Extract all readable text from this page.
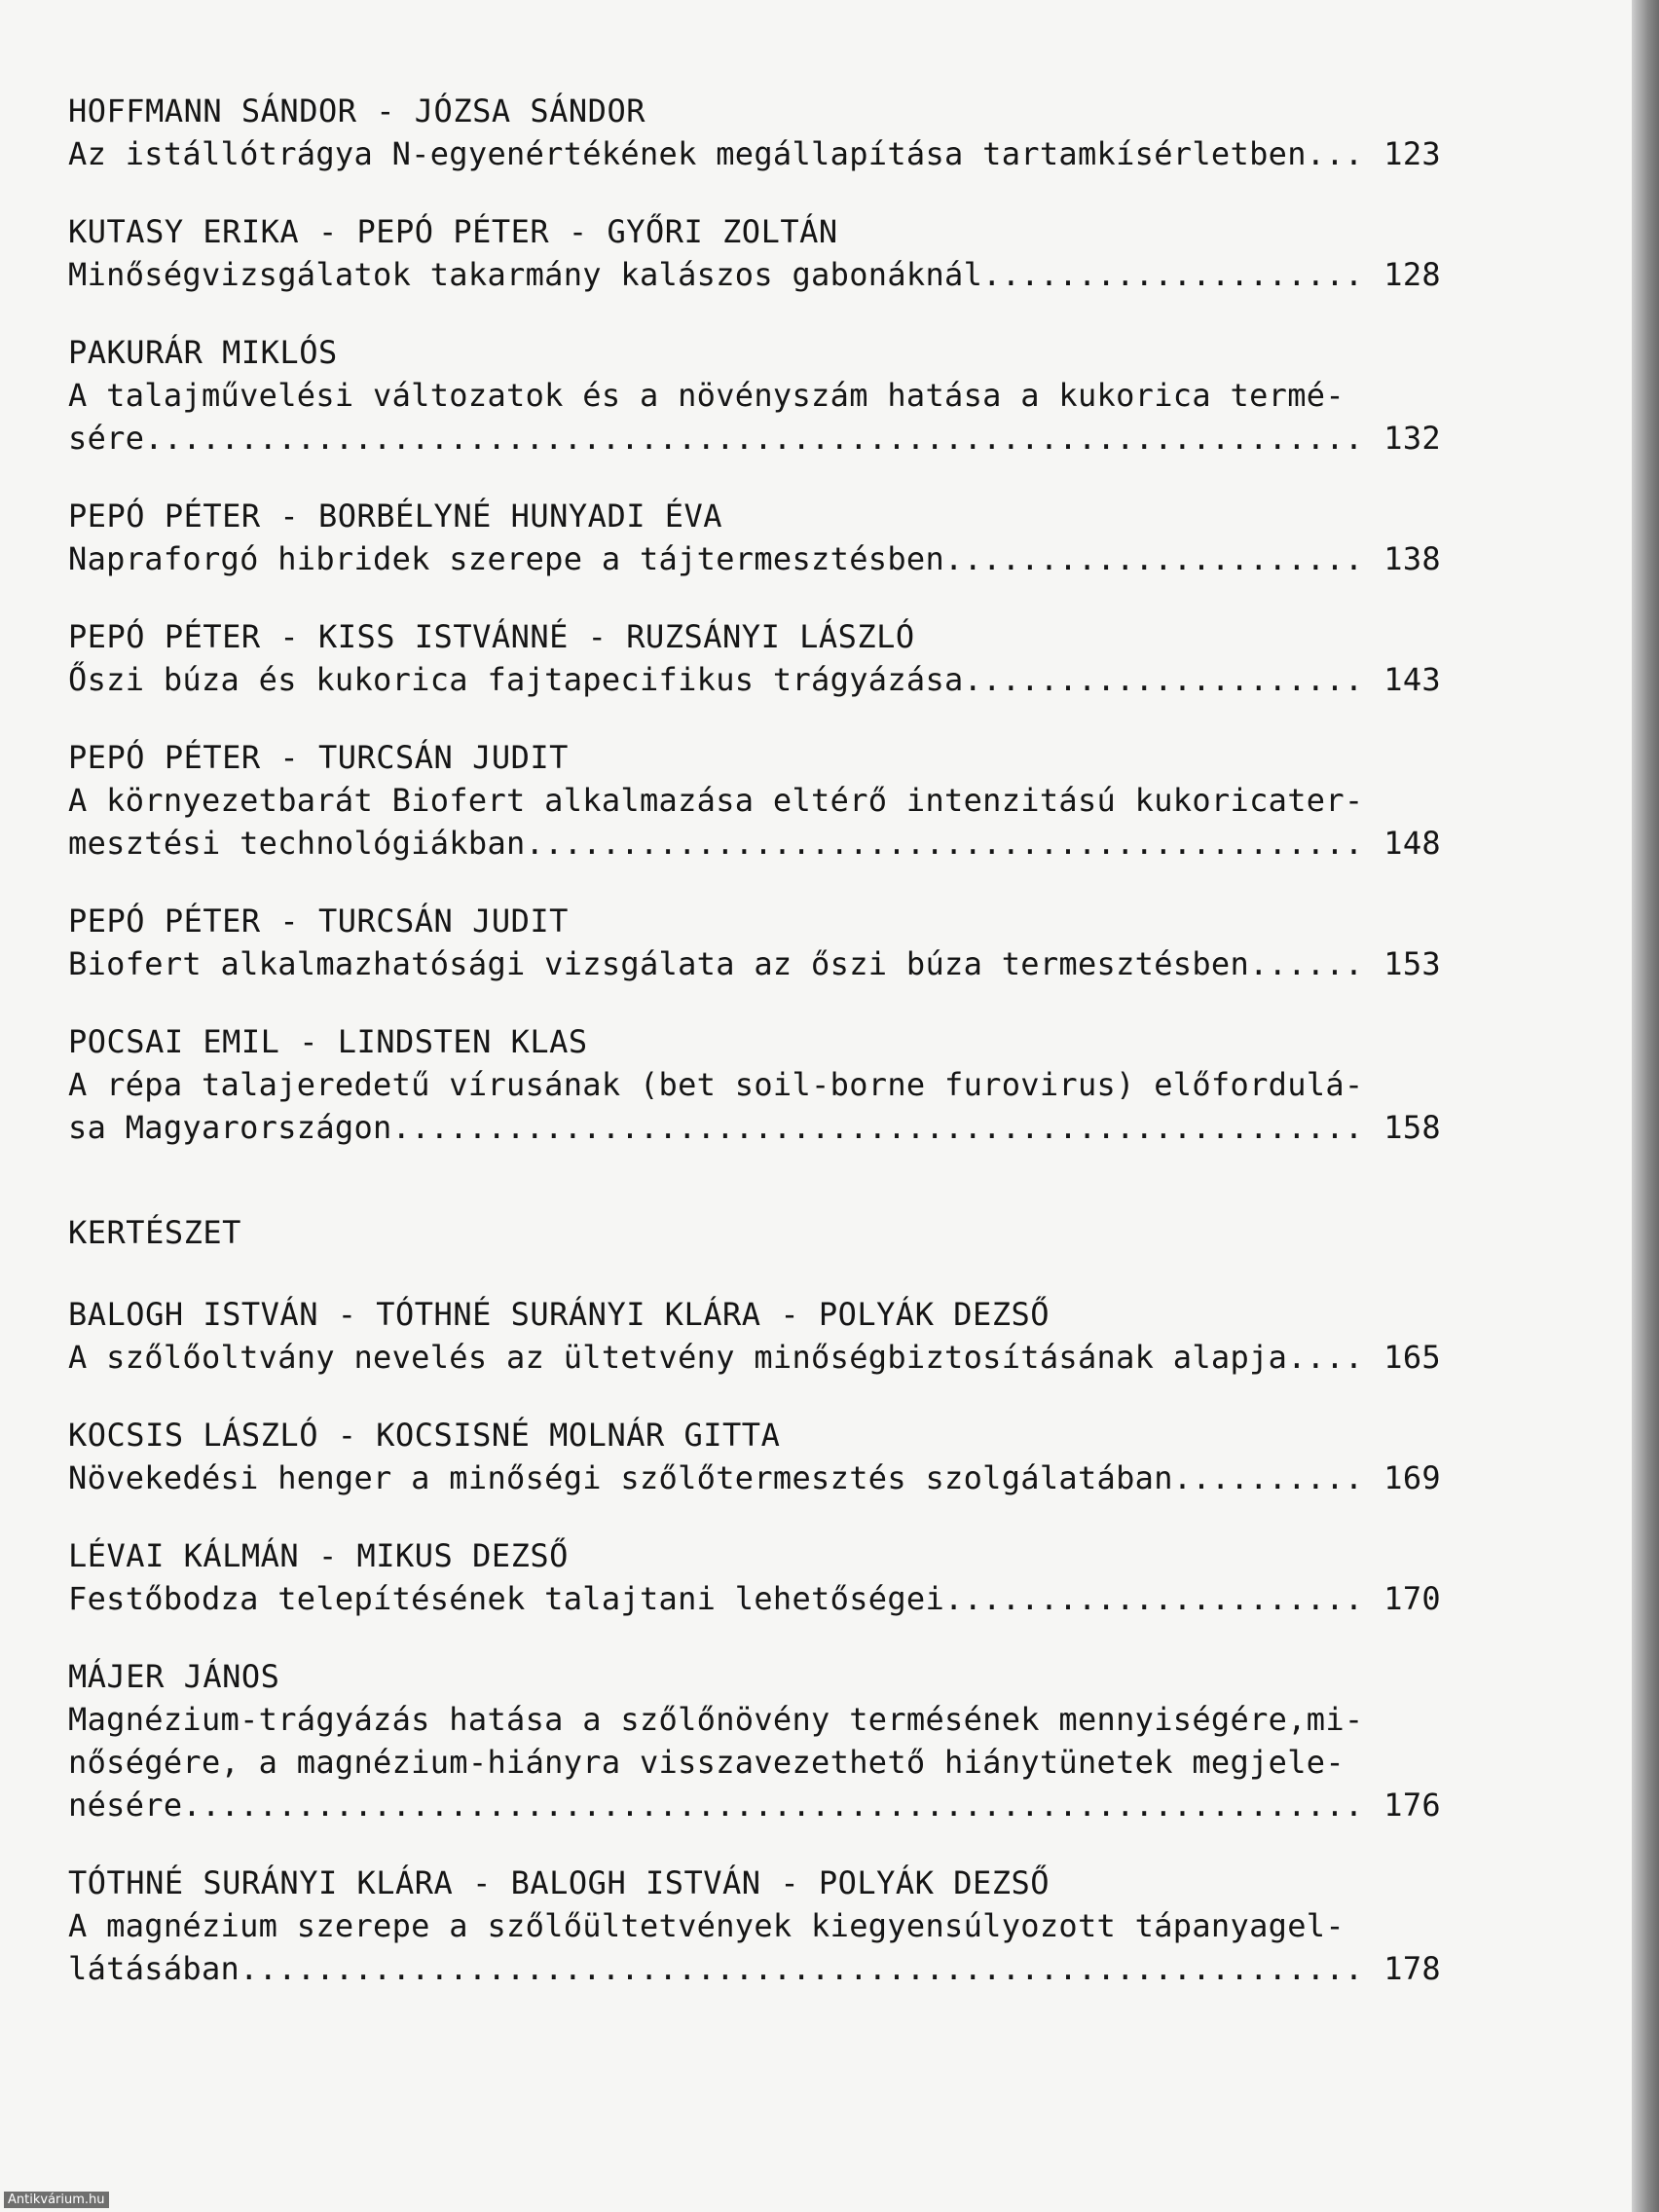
HOFFMANN SÁNDOR - JÓZSA SÁNDOR
Az istállótrágya N-egyenértékének megállapítása tartamkísérletben .....	123
KUTASY ERIKA - PEPÓ PÉTER - GYŐRI ZOLTÁN
Minőségvizsgálatok takarmány kalászos gabonáknál .....	128
PAKURÁR MIKLÓS
A talajművelési változatok és a növényszám hatása a kukorica termé-
sére .....	132
PEPÓ PÉTER - BORBÉLYNÉ HUNYADI ÉVA
Napraforgó hibridek szerepe a tájtermesztésben .....	138
PEPÓ PÉTER - KISS ISTVÁNNÉ - RUZSÁNYI LÁSZLÓ
Őszi búza és kukorica fajtapecifikus trágyázása .....	143
PEPÓ PÉTER - TURCSÁN JUDIT
A környezetbarát Biofert alkalmazása eltérő intenzitású kukoricater-
mesztési technológiákban .....	148
PEPÓ PÉTER - TURCSÁN JUDIT
Biofert alkalmazhatósági vizsgálata az őszi búza termesztésben .....	153
POCSAI EMIL - LINDSTEN KLAS
A répa talajeredetű vírusának (bet soil-borne furovirus) előfordulá-
sa Magyarországon .....	158
KERTÉSZET
BALOGH ISTVÁN - TÓTHNÉ SURÁNYI KLÁRA - POLYÁK DEZSŐ
A szőlőoltvány nevelés az ültetvény minőségbiztosításának alapja .....	165
KOCSIS LÁSZLÓ - KOCSISNÉ MOLNÁR GITTA
Növekedési henger a minőségi szőlőtermesztés szolgálatában .....	169
LÉVAI KÁLMÁN - MIKUS DEZSŐ
Festőbodza telepítésének talajtani lehetőségei .....	170
MÁJER JÁNOS
Magnézium-trágyázás hatása a szőlőnövény termésének mennyiségére,mi-
nőségére, a magnézium-hiányra visszavezethető hiánytünetek megjele-
nésére .....	176
TÓTHNÉ SURÁNYI KLÁRA - BALOGH ISTVÁN - POLYÁK DEZSŐ
A magnézium szerepe a szőlőültetvények kiegyensúlyozott tápanyagel-
látásában .....	178
Antikvárium.hu
